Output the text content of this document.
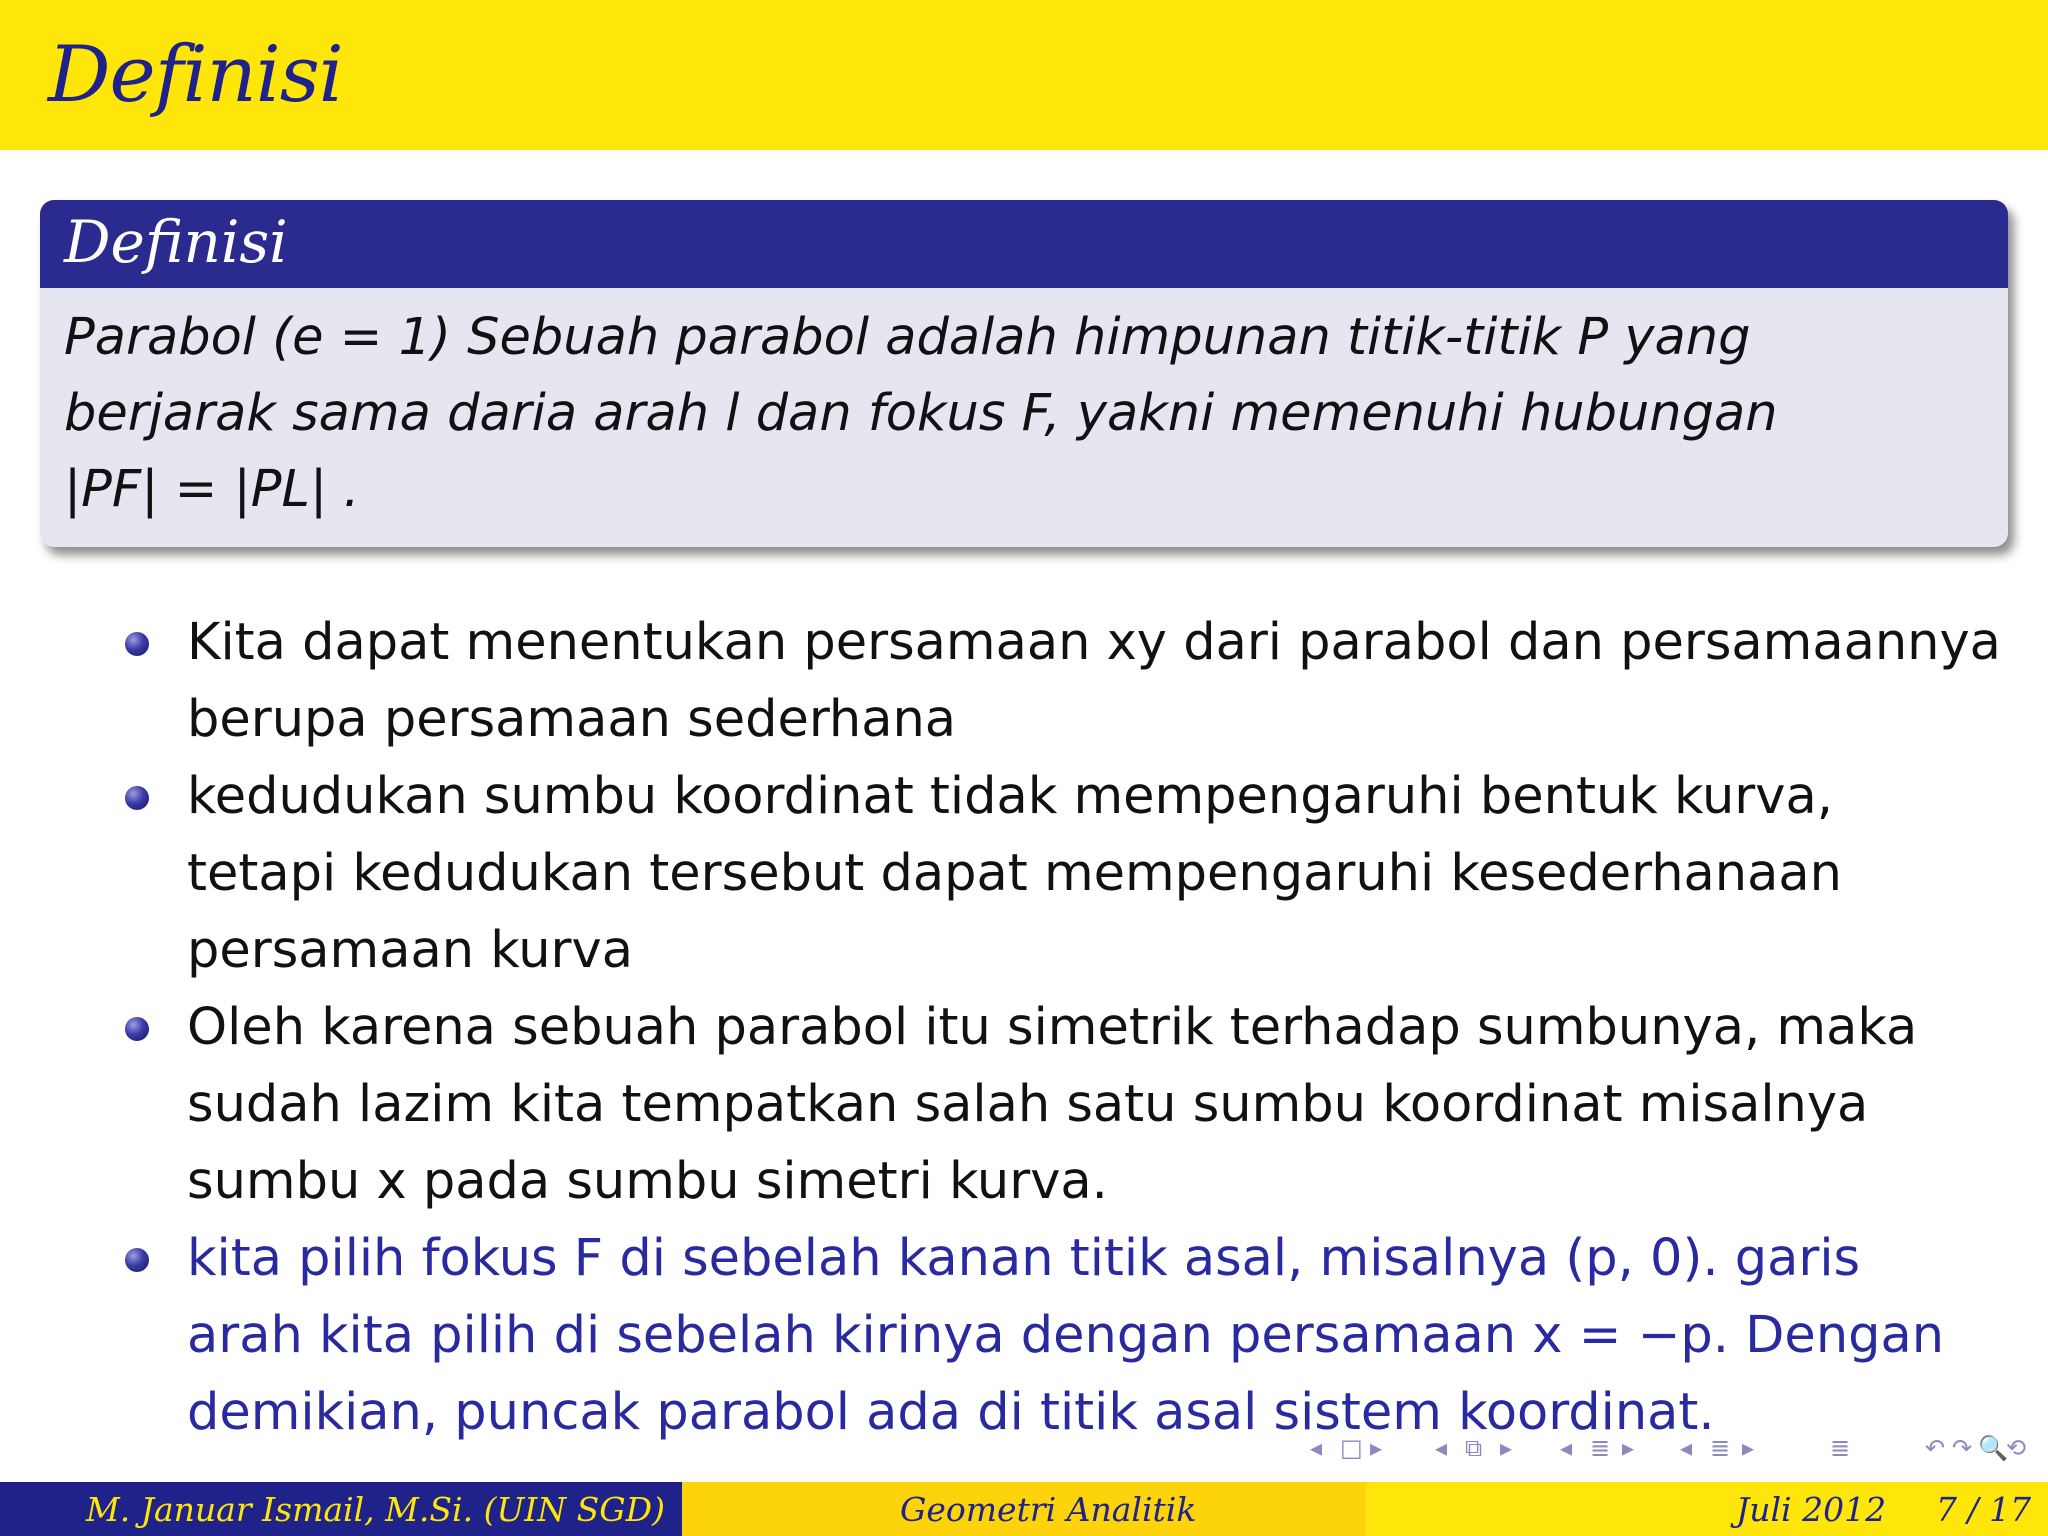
Definisi
Definisi
Parabol (e = 1) Sebuah parabol adalah himpunan titik-titik P yang
berjarak sama daria arah l dan fokus F, yakni memenuhi hubungan
|PF| = |PL| .
Kita dapat menentukan persamaan xy dari parabol dan persamaannya
berupa persamaan sederhana
kedudukan sumbu koordinat tidak mempengaruhi bentuk kurva,
tetapi kedudukan tersebut dapat mempengaruhi kesederhanaan
persamaan kurva
Oleh karena sebuah parabol itu simetrik terhadap sumbunya, maka
sudah lazim kita tempatkan salah satu sumbu koordinat misalnya
sumbu x pada sumbu simetri kurva.
kita pilih fokus F di sebelah kanan titik asal, misalnya (p, 0). garis
arah kita pilih di sebelah kirinya dengan persamaan x = −p. Dengan
demikian, puncak parabol ada di titik asal sistem koordinat.
◂ □ ▸ ◂ ⧉ ▸ ◂ ≣ ▸ ◂ ≣ ▸	≣	↶ ↷ 🔍
⟲
M. Januar Ismail, M.Si. (UIN SGD)	Geometri Analitik	Juli 2012 7 / 17
